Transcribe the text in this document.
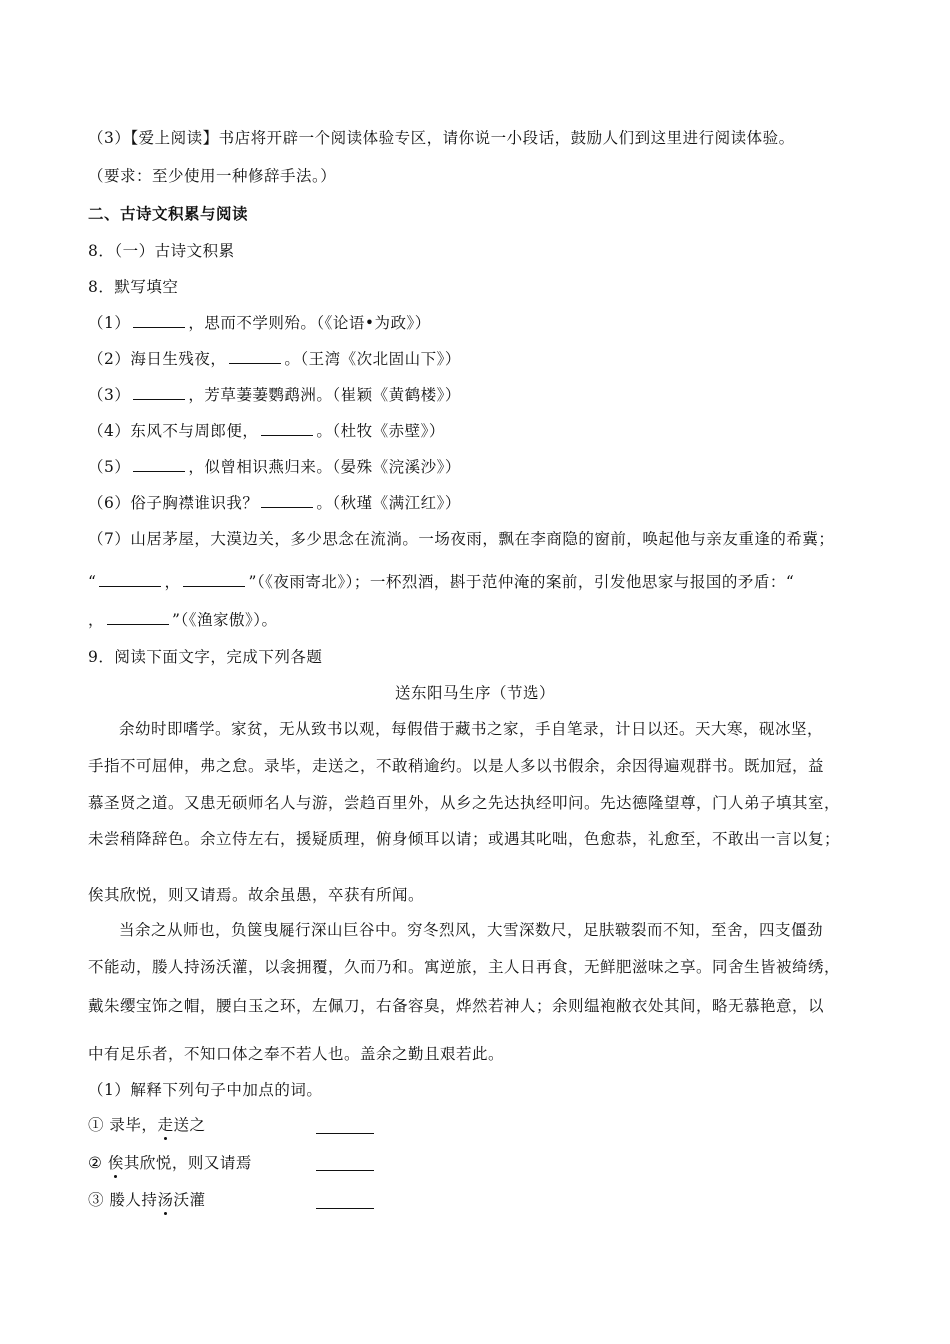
（3）【爱上阅读】书店将开辟一个阅读体验专区，请你说一小段话，鼓励人们到这里进行阅读体验。
（要求：至少使用一种修辞手法。）
二、古诗文积累与阅读
8．（一）古诗文积累
8．默写填空
（1）	，思而不学则殆。（《论语•为政》）
（2）海日生残夜，	。（王湾《次北固山下》）
（3）	，芳草萋萋鹦鹉洲。（崔颖《黄鹤楼》）
（4）东风不与周郎便，	。（杜牧《赤壁》）
（5）	，似曾相识燕归来。（晏殊《浣溪沙》）
（6）俗子胸襟谁识我？	。（秋瑾《满江红》）
（7）山居茅屋，大漠边关，多少思念在流淌。一场夜雨，飘在李商隐的窗前，唤起他与亲友重逢的希冀；
“	，	”（《夜雨寄北》）；一杯烈酒，斟于范仲淹的案前，引发他思家与报国的矛盾：“
，	”（《渔家傲》）。
9．阅读下面文字，完成下列各题
送东阳马生序（节选）
余幼时即嗜学。家贫，无从致书以观，每假借于藏书之家，手自笔录，计日以还。天大寒，砚冰坚，
手指不可屈伸，弗之怠。录毕，走送之，不敢稍逾约。以是人多以书假余，余因得遍观群书。既加冠，益
慕圣贤之道。又患无硕师名人与游，尝趋百里外，从乡之先达执经叩问。先达德隆望尊，门人弟子填其室，
未尝稍降辞色。余立侍左右，援疑质理，俯身倾耳以请；或遇其叱咄，色愈恭，礼愈至，不敢出一言以复；
俟其欣悦，则又请焉。故余虽愚，卒获有所闻。
当余之从师也，负箧曳屣行深山巨谷中。穷冬烈风，大雪深数尺，足肤皲裂而不知，至舍，四支僵劲
不能动，媵人持汤沃灌，以衾拥覆，久而乃和。寓逆旅，主人日再食，无鲜肥滋味之享。同舍生皆被绮绣，
戴朱缨宝饰之帽，腰白玉之环，左佩刀，右备容臭，烨然若神人；余则缊袍敝衣处其间，略无慕艳意，以
中有足乐者，不知口体之奉不若人也。盖余之勤且艰若此。
（1）解释下列句子中加点的词。
① 录毕，走送之
② 俟其欣悦，则又请焉
③ 媵人持汤沃灌
